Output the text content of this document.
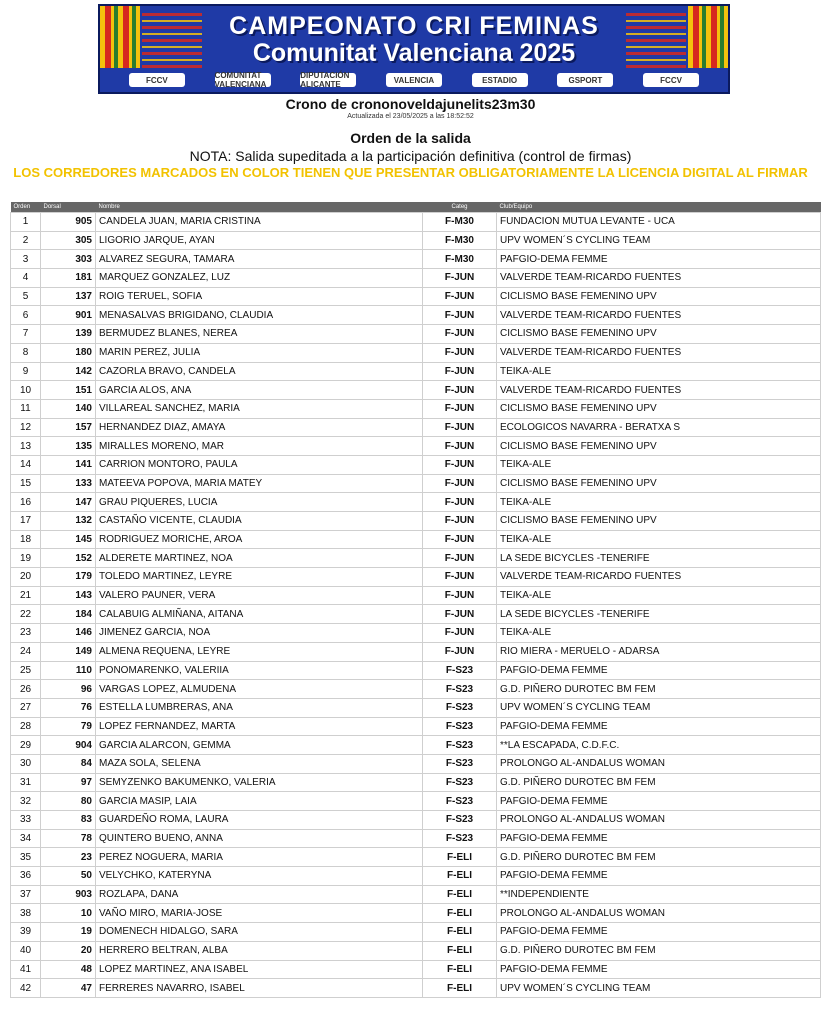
CAMPEONATO CRI FEMINAS
Comunitat Valenciana 2025
FCCV	COMUNITAT VALENCIANA
DIPUTACIÓN ALICANTE	VALENCIA	ESTADIO	GSPORT	FCCV
Crono de crononoveldajunelits23m30
Actualizada el 23/05/2025 a las 18:52:52
Orden de la salida
NOTA: Salida supeditada a la participación definitiva (control de firmas)
LOS CORREDORES MARCADOS EN COLOR TIENEN QUE PRESENTAR OBLIGATORIAMENTE LA LICENCIA DIGITAL AL FIRMAR
Orden	Dorsal	Nombre	Categ	Club/Equipo
1	905	CANDELA JUAN, MARIA CRISTINA	F-M30	FUNDACION MUTUA LEVANTE - UCA
2	305	LIGORIO JARQUE, AYAN	F-M30	UPV WOMEN´S CYCLING TEAM
3	303	ALVAREZ SEGURA, TAMARA	F-M30	PAFGIO-DEMA FEMME
4	181	MARQUEZ GONZALEZ, LUZ	F-JUN	VALVERDE TEAM-RICARDO FUENTES
5	137	ROIG TERUEL, SOFIA	F-JUN	CICLISMO BASE FEMENINO UPV
6	901	MENASALVAS BRIGIDANO, CLAUDIA	F-JUN	VALVERDE TEAM-RICARDO FUENTES
7	139	BERMUDEZ BLANES, NEREA	F-JUN	CICLISMO BASE FEMENINO UPV
8	180	MARIN PEREZ, JULIA	F-JUN	VALVERDE TEAM-RICARDO FUENTES
9	142	CAZORLA BRAVO, CANDELA	F-JUN	TEIKA-ALE
10	151	GARCIA ALOS, ANA	F-JUN	VALVERDE TEAM-RICARDO FUENTES
11	140	VILLAREAL SANCHEZ, MARIA	F-JUN	CICLISMO BASE FEMENINO UPV
12	157	HERNANDEZ DIAZ, AMAYA	F-JUN	ECOLOGICOS NAVARRA - BERATXA S
13	135	MIRALLES MORENO, MAR	F-JUN	CICLISMO BASE FEMENINO UPV
14	141	CARRION MONTORO, PAULA	F-JUN	TEIKA-ALE
15	133	MATEEVA POPOVA, MARIA MATEY	F-JUN	CICLISMO BASE FEMENINO UPV
16	147	GRAU PIQUERES, LUCIA	F-JUN	TEIKA-ALE
17	132	CASTAÑO VICENTE, CLAUDIA	F-JUN	CICLISMO BASE FEMENINO UPV
18	145	RODRIGUEZ MORICHE, AROA	F-JUN	TEIKA-ALE
19	152	ALDERETE MARTINEZ, NOA	F-JUN	LA SEDE BICYCLES -TENERIFE
20	179	TOLEDO MARTINEZ, LEYRE	F-JUN	VALVERDE TEAM-RICARDO FUENTES
21	143	VALERO PAUNER, VERA	F-JUN	TEIKA-ALE
22	184	CALABUIG ALMIÑANA, AITANA	F-JUN	LA SEDE BICYCLES -TENERIFE
23	146	JIMENEZ GARCIA, NOA	F-JUN	TEIKA-ALE
24	149	ALMENA REQUENA, LEYRE	F-JUN	RIO MIERA - MERUELO - ADARSA
25	110	PONOMARENKO, VALERIIA	F-S23	PAFGIO-DEMA FEMME
26	96	VARGAS LOPEZ, ALMUDENA	F-S23	G.D. PIÑERO DUROTEC BM FEM
27	76	ESTELLA LUMBRERAS, ANA	F-S23	UPV WOMEN´S CYCLING TEAM
28	79	LOPEZ FERNANDEZ, MARTA	F-S23	PAFGIO-DEMA FEMME
29	904	GARCIA ALARCON, GEMMA	F-S23	**LA ESCAPADA, C.D.F.C.
30	84	MAZA SOLA, SELENA	F-S23	PROLONGO AL-ANDALUS WOMAN
31	97	SEMYZENKO BAKUMENKO, VALERIA	F-S23	G.D. PIÑERO DUROTEC BM FEM
32	80	GARCIA MASIP, LAIA	F-S23	PAFGIO-DEMA FEMME
33	83	GUARDEÑO ROMA, LAURA	F-S23	PROLONGO AL-ANDALUS WOMAN
34	78	QUINTERO BUENO, ANNA	F-S23	PAFGIO-DEMA FEMME
35	23	PEREZ NOGUERA, MARIA	F-ELI	G.D. PIÑERO DUROTEC BM FEM
36	50	VELYCHKO, KATERYNA	F-ELI	PAFGIO-DEMA FEMME
37	903	ROZLAPA, DANA	F-ELI	**INDEPENDIENTE
38	10	VAÑO MIRO, MARIA-JOSE	F-ELI	PROLONGO AL-ANDALUS WOMAN
39	19	DOMENECH HIDALGO, SARA	F-ELI	PAFGIO-DEMA FEMME
40	20	HERRERO BELTRAN, ALBA	F-ELI	G.D. PIÑERO DUROTEC BM FEM
41	48	LOPEZ MARTINEZ, ANA ISABEL	F-ELI	PAFGIO-DEMA FEMME
42	47	FERRERES NAVARRO, ISABEL	F-ELI	UPV WOMEN´S CYCLING TEAM
